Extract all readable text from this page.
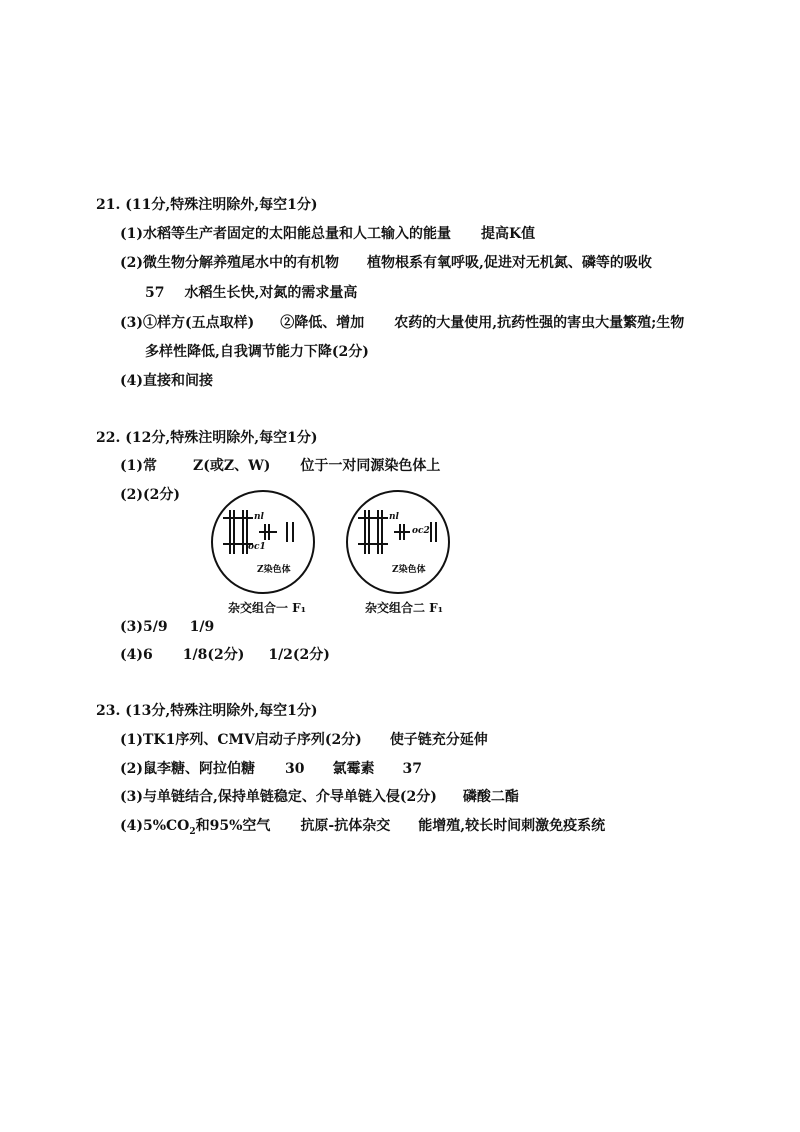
21. (11分,特殊注明除外,每空1分)
(1)水稻等生产者固定的太阳能总量和人工输入的能量 提高K值
(2)微生物分解养殖尾水中的有机物 植物根系有氧呼吸,促进对无机氮、磷等的吸收
57 水稻生长快,对氮的需求量高
(3)①样方(五点取样) ②降低、增加 农药的大量使用,抗药性强的害虫大量繁殖;生物
多样性降低,自我调节能力下降(2分)
(4)直接和间接
22. (12分,特殊注明除外,每空1分)
(1)常	Z(或Z、W) 位于一对同源染色体上
(2)(2分)
nl
oc1
Z染色体
杂交组合一 F₁
nl
oc2
Z染色体
杂交组合二 F₁
(3)5/9 1/9
(4)6 1/8(2分) 1/2(2分)
23. (13分,特殊注明除外,每空1分)
(1)TK1序列、CMV启动子序列(2分) 使子链充分延伸
(2)鼠李糖、阿拉伯糖 30 氯霉素 37
(3)与单链结合,保持单链稳定、介导单链入侵(2分) 磷酸二酯
$(4)5\%CO_2$和95%空气 抗原-抗体杂交 能增殖,较长时间刺激免疫系统
